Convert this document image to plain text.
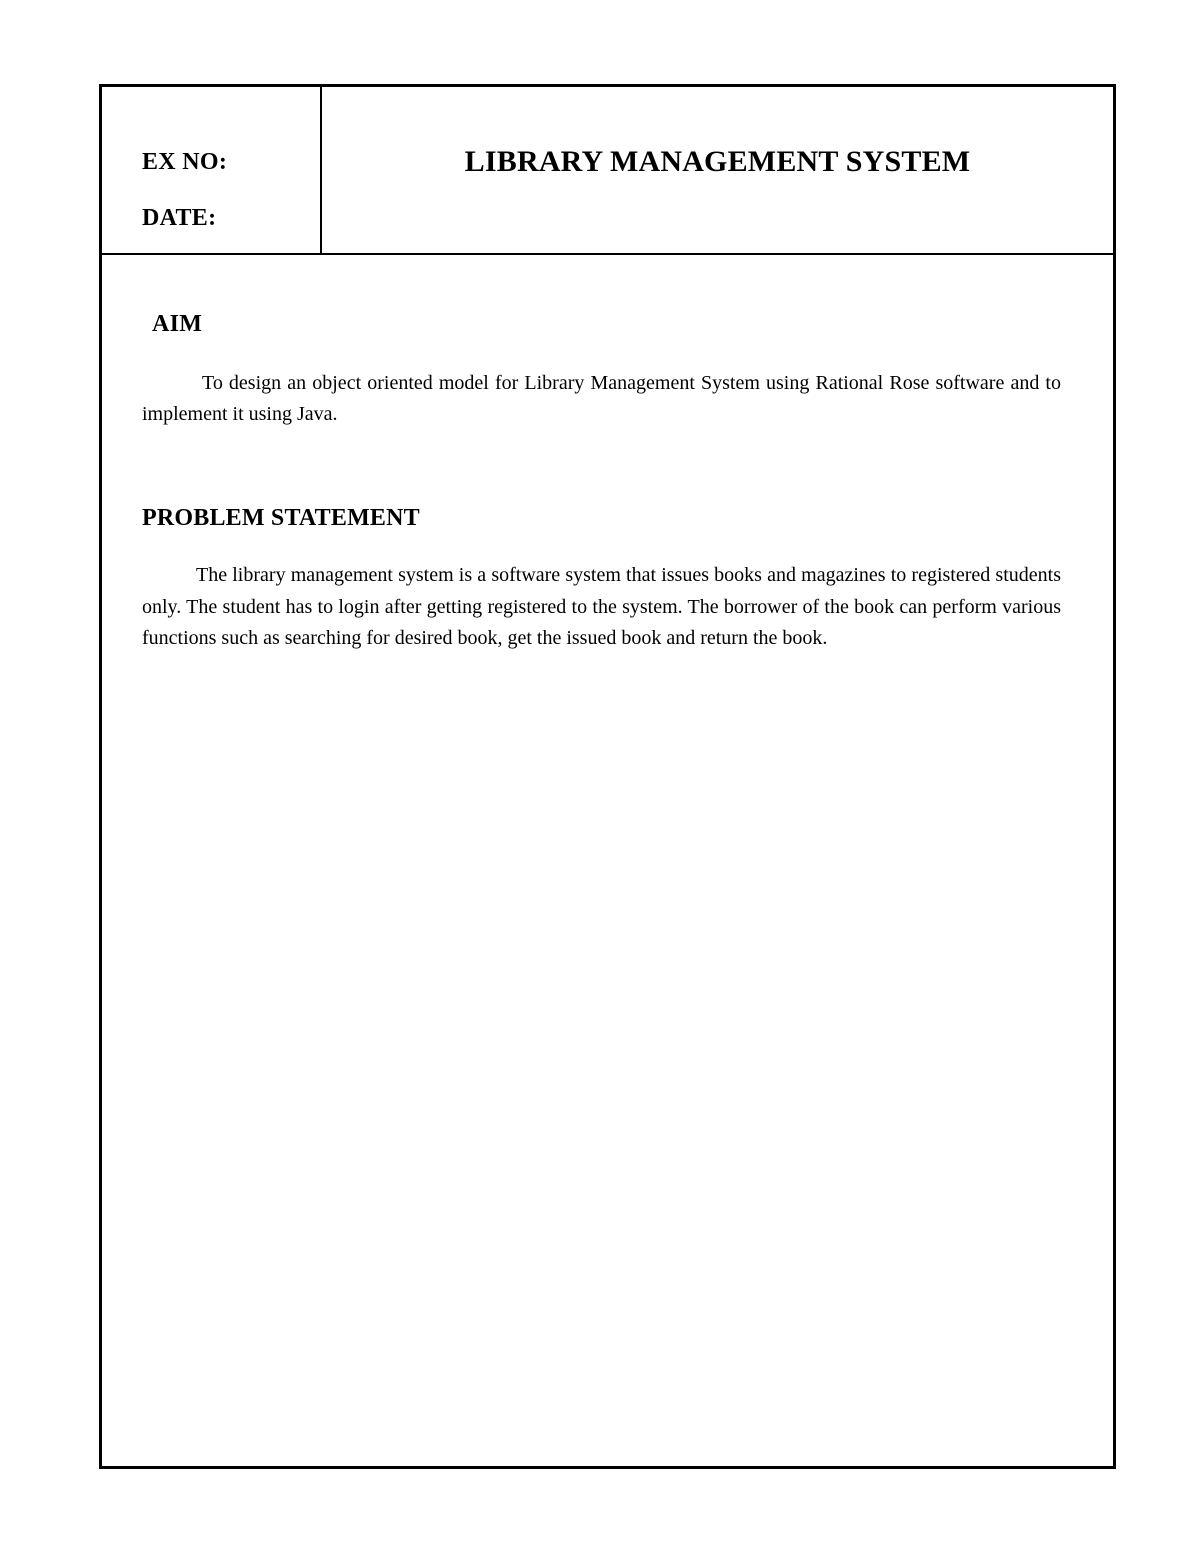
EX NO:
DATE:
LIBRARY MANAGEMENT SYSTEM
AIM
To design an object oriented model for Library Management System using Rational Rose software and to implement it using Java.
PROBLEM STATEMENT
The library management system is a software system that issues books and magazines to registered students only. The student has to login after getting registered to the system. The borrower of the book can perform various functions such as searching for desired book, get the issued book and return the book.
